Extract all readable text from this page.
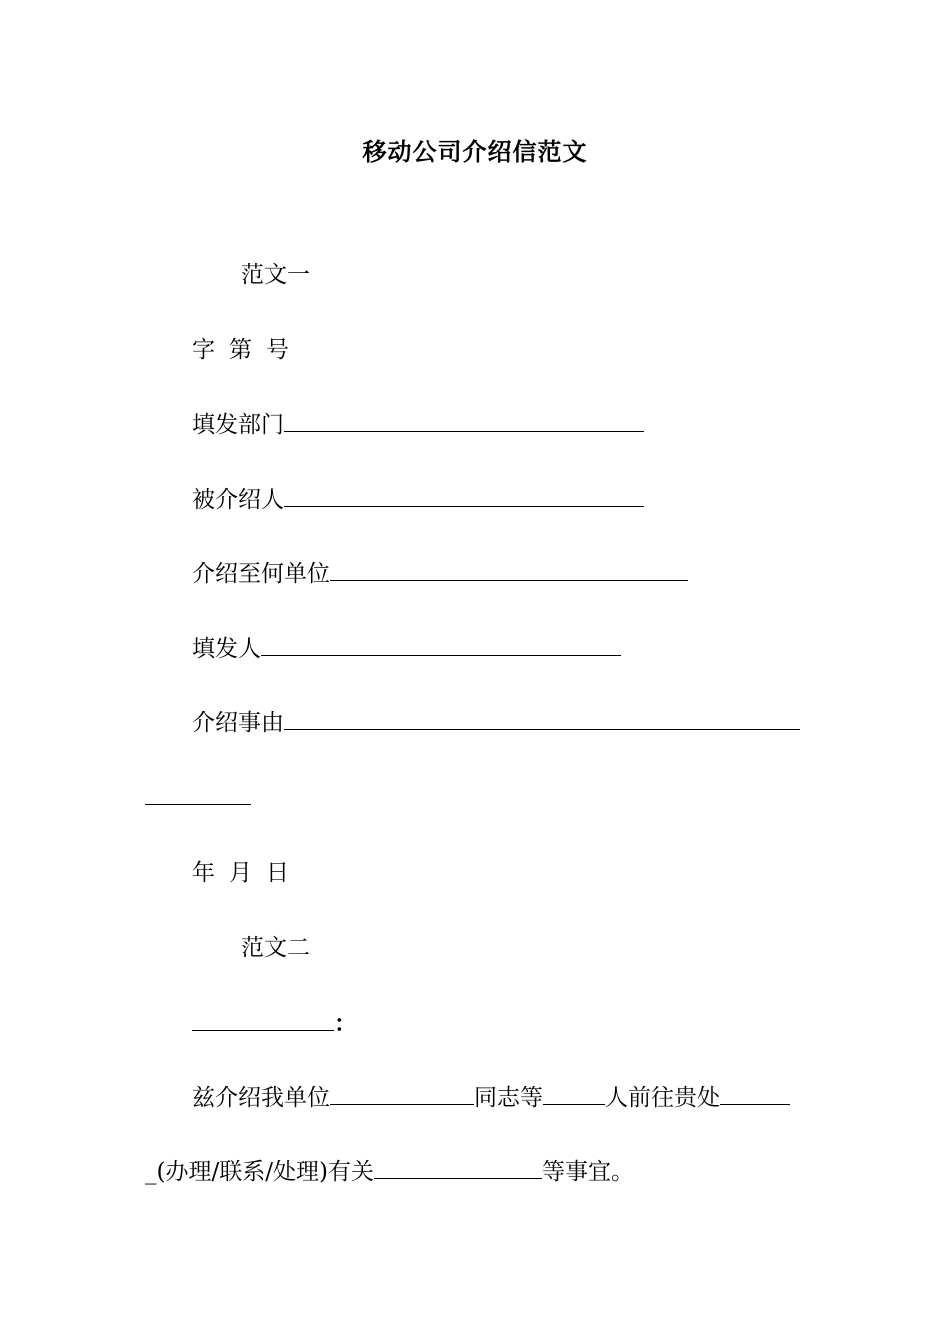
移动公司介绍信范文
范文一
字 第 号
填发部门
被介绍人
介绍至何单位
填发人
介绍事由
年 月 日
范文二
：
兹介绍我单位	同志等	人前往贵处
_(办理/联系/处理)有关	等事宜。
